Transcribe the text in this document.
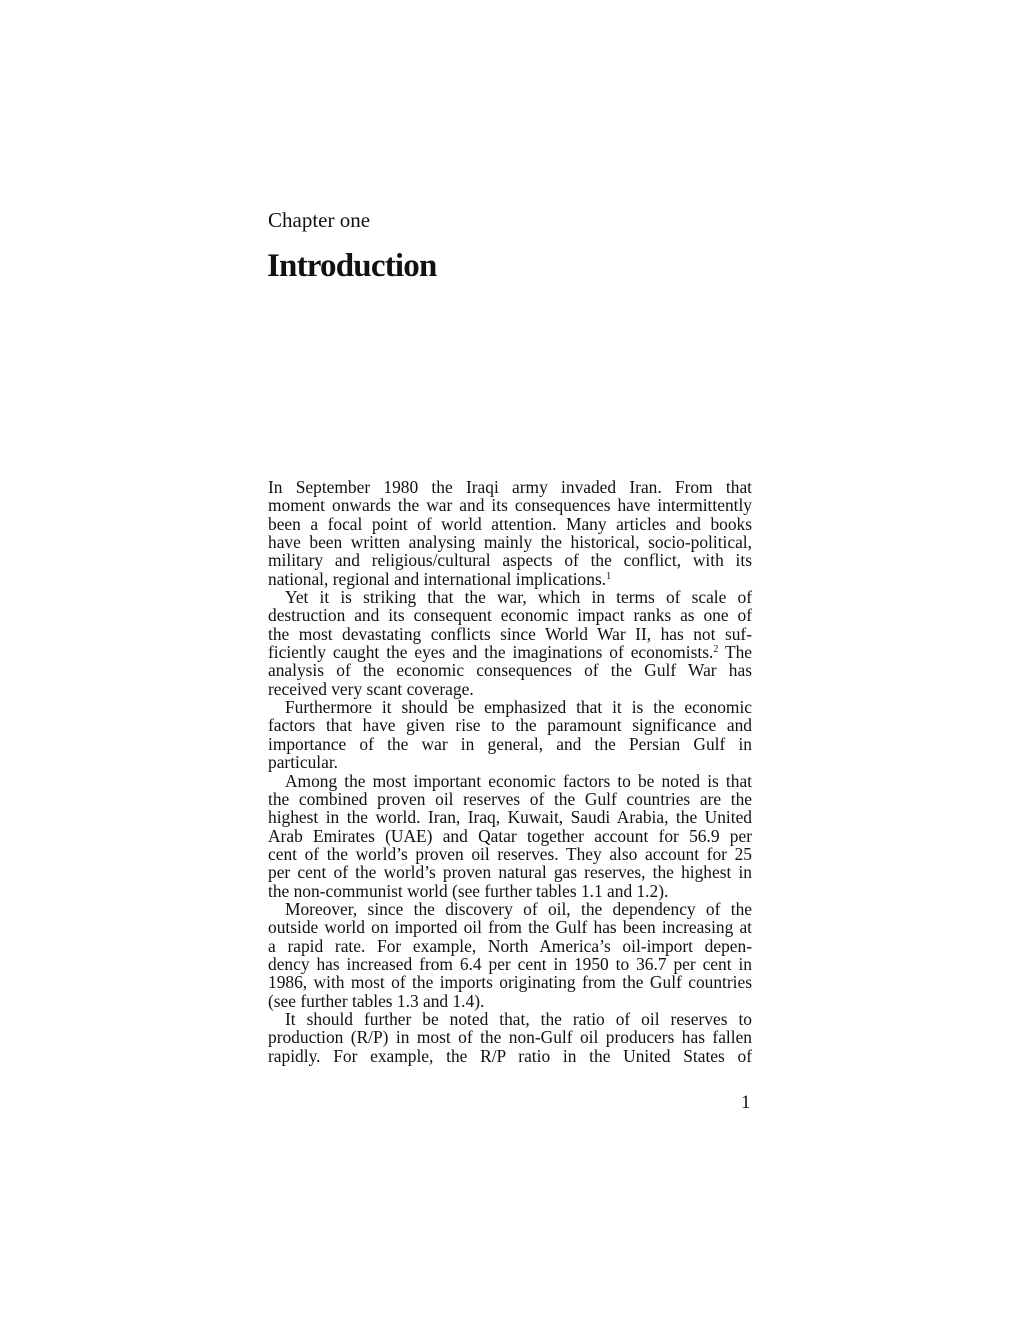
Chapter one
Introduction
In September 1980 the Iraqi army invaded Iran. From that
moment onwards the war and its consequences have intermittently
been a focal point of world attention. Many articles and books
have been written analysing mainly the historical, socio-political,
military and religious/cultural aspects of the conflict, with its
national, regional and international implications.$^1$
Yet it is striking that the war, which in terms of scale of
destruction and its consequent economic impact ranks as one of
the most devastating conflicts since World War II, has not suf-
ficiently caught the eyes and the imaginations of economists.$^2$ The
analysis of the economic consequences of the Gulf War has
received very scant coverage.
Furthermore it should be emphasized that it is the economic
factors that have given rise to the paramount significance and
importance of the war in general, and the Persian Gulf in
particular.
Among the most important economic factors to be noted is that
the combined proven oil reserves of the Gulf countries are the
highest in the world. Iran, Iraq, Kuwait, Saudi Arabia, the United
Arab Emirates (UAE) and Qatar together account for 56.9 per
cent of the world’s proven oil reserves. They also account for 25
per cent of the world’s proven natural gas reserves, the highest in
the non-communist world (see further tables 1.1 and 1.2).
Moreover, since the discovery of oil, the dependency of the
outside world on imported oil from the Gulf has been increasing at
a rapid rate. For example, North America’s oil-import depen-
dency has increased from 6.4 per cent in 1950 to 36.7 per cent in
1986, with most of the imports originating from the Gulf countries
(see further tables 1.3 and 1.4).
It should further be noted that, the ratio of oil reserves to
production (R/P) in most of the non-Gulf oil producers has fallen
rapidly. For example, the R/P ratio in the United States of
1
